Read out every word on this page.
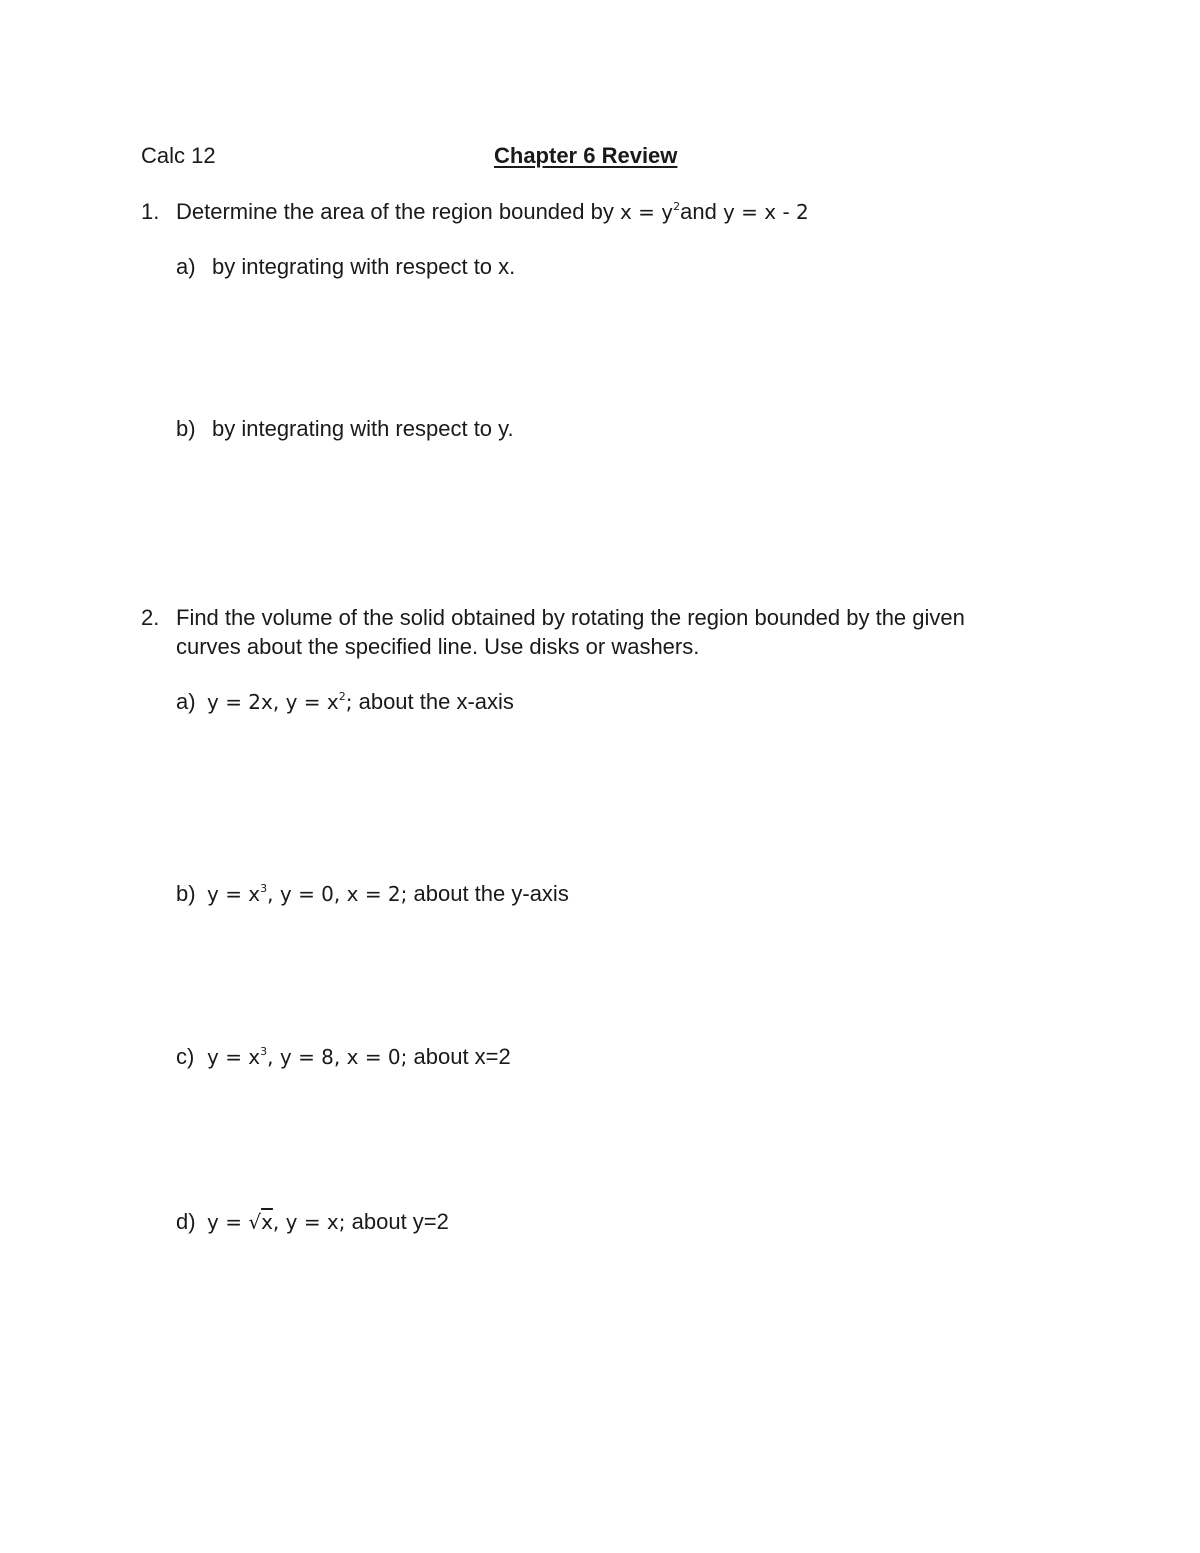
Calc 12	Chapter 6 Review
1. Determine the area of the region bounded by $x = y^2and$ y = x - 2
a) by integrating with respect to x.
b) by integrating with respect to y.
2. Find the volume of the solid obtained by rotating the region bounded by the given
curves about the specified line. Use disks or washers.
a) y = 2x, $y = x^2$; about the x-axis
b) $y = x^3$, y = 0, x = 2; about the y-axis
c) $y = x^3$, y = 8, x = 0; about x=2
d) y = √x, y = x; about y=2
